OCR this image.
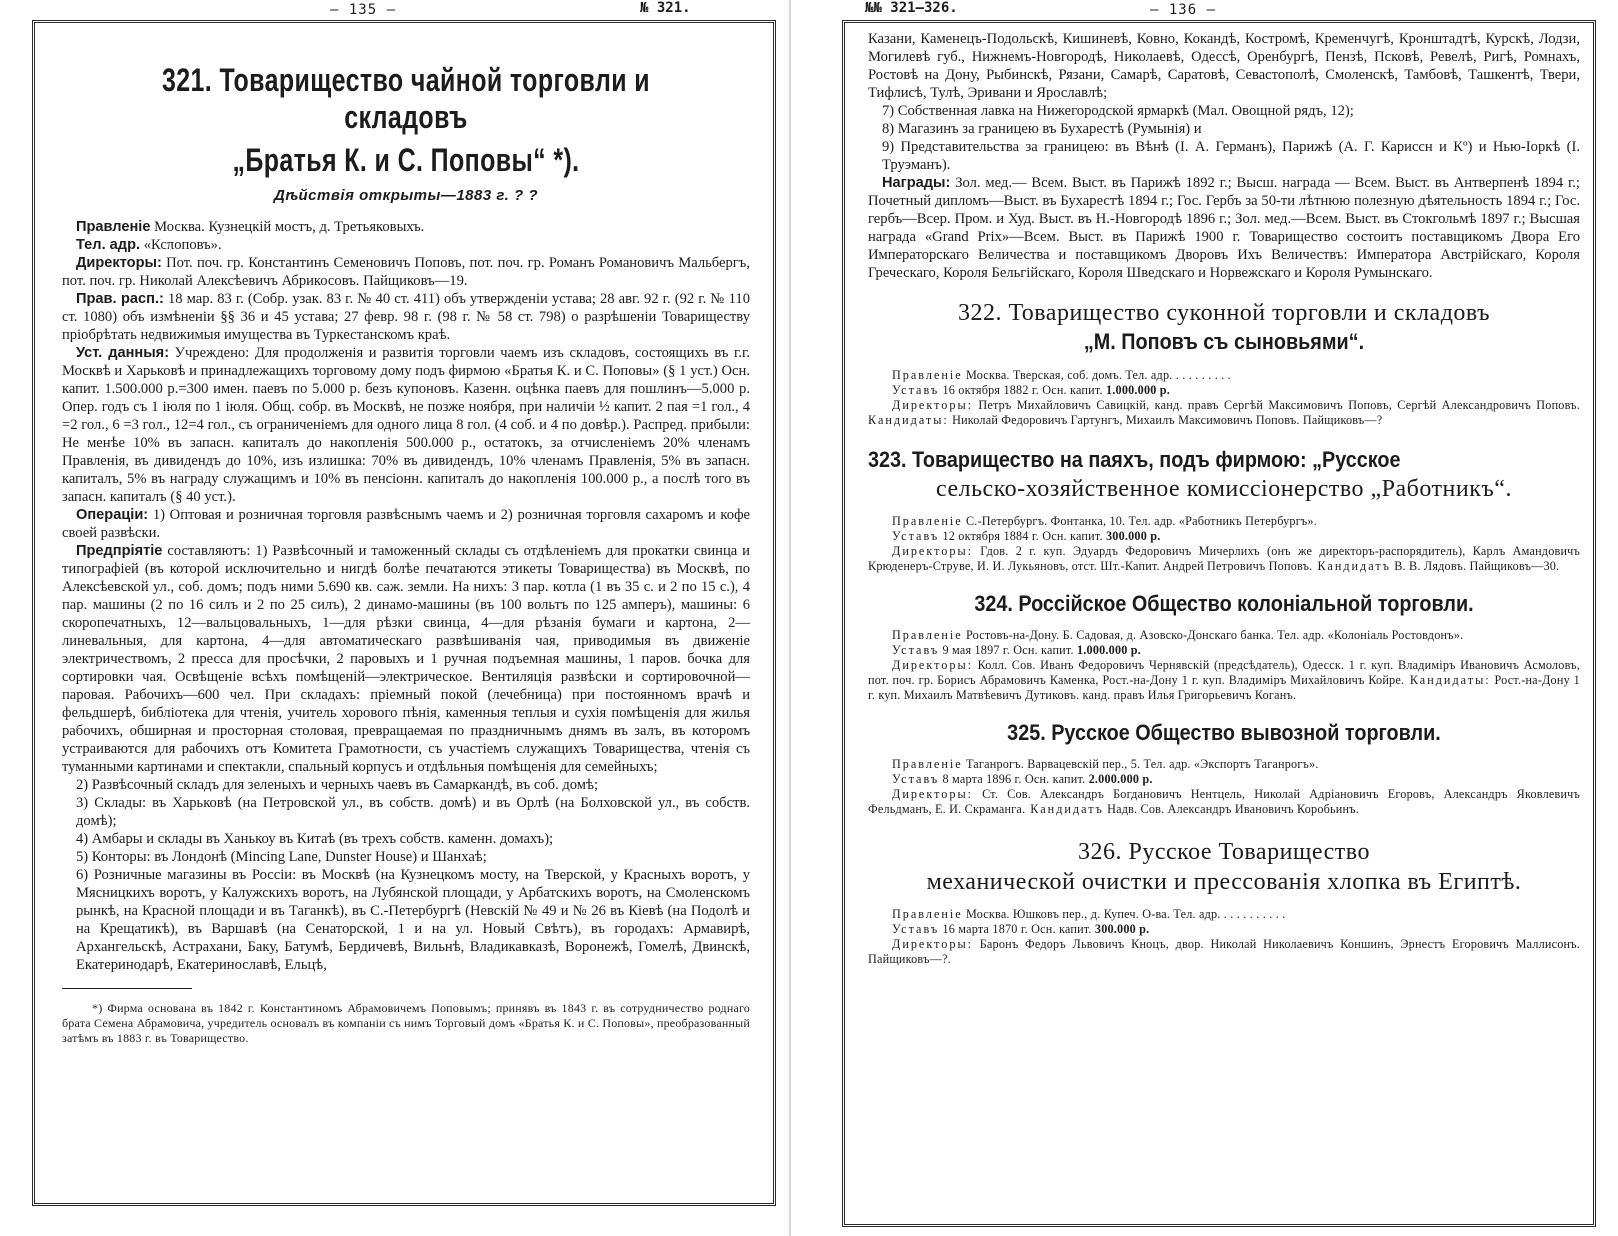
— 135 —	№ 321.
321. Товарищество чайной торговли и складовъ
„Братья К. и С. Поповы“ *).
Дѣйствія открыты—1883 г. ? ?

Правленіе Москва. Кузнецкій мостъ, д. Третьяковыхъ.

Тел. адр. «Ксποповъ».

Директоры: Пот. поч. гр. Константинъ Семеновичъ Поповъ, пот. поч. гр. Романъ Романовичъ Мальбергъ, пот. поч. гр. Николай Алексѣевичъ Абрикосовъ. Пайщиковъ—19.

Прав. расп.: 18 мар. 83 г. (Собр. узак. 83 г. № 40 ст. 411) объ утвержденіи устава; 28 авг. 92 г. (92 г. № 110 ст. 1080) объ измѣненіи §§ 36 и 45 устава; 27 февр. 98 г. (98 г. № 58 ст. 798) о разрѣшеніи Товариществу пріобрѣтать недвижимыя имущества въ Туркестанскомъ краѣ.

Уст. данныя: Учреждено: Для продолженія и развитія торговли чаемъ изъ складовъ, состоящихъ въ г.г. Москвѣ и Харьковѣ и принадлежащихъ торговому дому подъ фирмою «Братья К. и С. Поповы» (§ 1 уст.) Осн. капит. 1.500.000 р.=300 имен. паевъ по 5.000 р. безъ купоновъ. Казенн. оцѣнка паевъ для пошлинъ—5.000 р. Опер. годъ съ 1 іюля по 1 іюля. Общ. собр. въ Москвѣ, не позже ноября, при наличіи ½ капит. 2 пая =1 гол., 4 =2 гол., 6 =3 гол., 12=4 гол., съ ограниченіемъ для одного лица 8 гол. (4 соб. и 4 по довѣр.). Распред. прибыли: Не менѣе 10% въ запасн. капиталъ до накопленія 500.000 р., остатокъ, за отчисленіемъ 20% членамъ Правленія, въ дивидендъ до 10%, изъ излишка: 70% въ дивидендъ, 10% членамъ Правленія, 5% въ запасн. капиталъ, 5% въ награду служащимъ и 10% въ пенсіонн. капиталъ до накопленія 100.000 р., а послѣ того въ запасн. капиталъ (§ 40 уст.).

Операціи: 1) Оптовая и розничная торговля развѣснымъ чаемъ и 2) розничная торговля сахаромъ и кофе своей развѣски.

Предпріятіе составляютъ: 1) Развѣсочный и таможенный склады съ отдѣленіемъ для прокатки свинца и типографіей (въ которой исключительно и нигдѣ болѣе печатаются этикеты Товарищества) въ Москвѣ, по Алексѣевской ул., соб. домъ; подъ ними 5.690 кв. саж. земли. На нихъ: 3 пар. котла (1 въ 35 с. и 2 по 15 с.), 4 пар. машины (2 по 16 силъ и 2 по 25 силъ), 2 динамо-машины (въ 100 вольтъ по 125 амперъ), машины: 6 скоропечатныхъ, 12—вальцовальныхъ, 1—для рѣзки свинца, 4—для рѣзанія бумаги и картона, 2—линевальныя, для картона, 4—для автоматическаго развѣшиванія чая, приводимыя въ движеніе электричествомъ, 2 пресса для просѣчки, 2 паровыхъ и 1 ручная подъемная машины, 1 паров. бочка для сортировки чая. Освѣщеніе всѣхъ помѣщеній—электрическое. Вентиляція развѣски и сортировочной—паровая. Рабочихъ—600 чел. При складахъ: пріемный покой (лечебница) при постоянномъ врачѣ и фельдшерѣ, библіотека для чтенія, учитель хорового пѣнія, каменныя теплыя и сухія помѣщенія для жилья рабочихъ, обширная и просторная столовая, превращаемая по праздничнымъ днямъ въ залъ, въ которомъ устраиваются для рабочихъ отъ Комитета Грамотности, съ участіемъ служащихъ Товарищества, чтенія съ туманными картинами и спектакли, спальный корпусъ и отдѣльныя помѣщенія для семейныхъ;

2) Развѣсочный складъ для зеленыхъ и черныхъ чаевъ въ Самаркандѣ, въ соб. домѣ;

3) Склады: въ Харьковѣ (на Петровской ул., въ собств. домѣ) и въ Орлѣ (на Болховской ул., въ собств. домѣ);

4) Амбары и склады въ Ханькоу въ Китаѣ (въ трехъ собств. каменн. домахъ);

5) Конторы: въ Лондонѣ (Mincing Lane, Dunster House) и Шанхаѣ;

6) Розничные магазины въ Россіи: въ Москвѣ (на Кузнецкомъ мосту, на Тверской, у Красныхъ воротъ, у Мясницкихъ воротъ, у Калужскихъ воротъ, на Лубянской площади, у Арбатскихъ воротъ, на Смоленскомъ рынкѣ, на Красной площади и въ Таганкѣ), въ С.-Петербургѣ (Невскій № 49 и № 26 въ Кіевѣ (на Подолѣ и на Крещатикѣ), въ Варшавѣ (на Сенаторской, 1 и на ул. Новый Свѣтъ), въ городахъ: Армавирѣ, Архангельскѣ, Астрахани, Баку, Батумѣ, Бердичевѣ, Вильнѣ, Владикавказѣ, Воронежѣ, Гомелѣ, Двинскѣ, Екатеринодарѣ, Екатеринославѣ, Ельцѣ,

*) Фирма основана въ 1842 г. Константиномъ Абрамовичемъ Поповымъ; принявъ въ 1843 г. въ сотрудничество роднаго брата Семена Абрамовича, учредитель основалъ въ компаніи съ нимъ Торговый домъ «Братья К. и С. Поповы», преобразованный затѣмъ въ 1883 г. въ Товарищество.

№№ 321—326.	— 136 —

Казани, Каменецъ-Подольскѣ, Кишиневѣ, Ковно, Кокандѣ, Костромѣ, Кременчугѣ, Кронштадтѣ, Курскѣ, Лодзи, Могилевѣ губ., Нижнемъ-Новгородѣ, Николаевѣ, Одессѣ, Оренбургѣ, Пензѣ, Псковѣ, Ревелѣ, Ригѣ, Ромнахъ, Ростовѣ на Дону, Рыбинскѣ, Рязани, Самарѣ, Саратовѣ, Севастополѣ, Смоленскѣ, Тамбовѣ, Ташкентѣ, Твери, Тифлисѣ, Тулѣ, Эривани и Ярославлѣ;

7) Собственная лавка на Нижегородской ярмаркѣ (Мал. Овощной рядъ, 12);

8) Магазинъ за границею въ Бухарестѣ (Румынія) и

9) Представительства за границею: въ Вѣнѣ (І. А. Германъ), Парижѣ (А. Г. Кариссн и Кº) и Нью-Іоркѣ (І. Труэманъ).

Награды: Зол. мед.— Всем. Выст. въ Парижѣ 1892 г.; Высш. награда — Всем. Выст. въ Антверпенѣ 1894 г.; Почетный дипломъ—Выст. въ Бухарестѣ 1894 г.; Гос. Гербъ за 50-ти лѣтнюю полезную дѣятельность 1894 г.; Гос. гербъ—Всер. Пром. и Худ. Выст. въ Н.-Новгородѣ 1896 г.; Зол. мед.—Всем. Выст. въ Стокгольмѣ 1897 г.; Высшая награда «Grand Prix»—Всем. Выст. въ Парижѣ 1900 г. Товарищество состоитъ поставщикомъ Двора Его Императорскаго Величества и поставщикомъ Дворовъ Ихъ Величествъ: Императора Австрійскаго, Короля Греческаго, Короля Бельгійскаго, Короля Шведскаго и Норвежскаго и Короля Румынскаго.

322. Товарищество суконной торговли и складовъ
„М. Поповъ съ сыновьями“.

Правленіе Москва. Тверская, соб. домъ. Тел. адр. . . . . . . . . .

Уставъ 16 октября 1882 г. Осн. капит. 1.000.000 р.

Директоры: Петръ Михайловичъ Савицкій, канд. правъ Сергѣй Максимовичъ Поповъ, Сергѣй Александровичъ Поповъ. Кандидаты: Николай Федоровичъ Гартунгъ, Михаилъ Максимовичъ Поповъ. Пайщиковъ—?

323. Товарищество на паяхъ, подъ фирмою: „Русское
сельско-хозяйственное комиссіонерство „Работникъ“.

Правленіе С.-Петербургъ. Фонтанка, 10. Тел. адр. «Работникъ Петербургъ».

Уставъ 12 октября 1884 г. Осн. капит. 300.000 р.

Директоры: Гдов. 2 г. куп. Эдуардъ Федоровичъ Мичерлихъ (онъ же директоръ-распорядитель), Карлъ Амандовичъ Крюденеръ-Струве, И. И. Лукьяновъ, отст. Шт.-Капит. Андрей Петровичъ Поповъ. Кандидатъ В. В. Лядовъ. Пайщиковъ—30.

324. Россійское Общество колоніальной торговли.

Правленіе Ростовъ-на-Дону. Б. Садовая, д. Азовско-Донскаго банка. Тел. адр. «Колоніаль Ростовдонъ».

Уставъ 9 мая 1897 г. Осн. капит. 1.000.000 р.

Директоры: Колл. Сов. Иванъ Федоровичъ Чернявскій (предсѣдатель), Одесск. 1 г. куп. Владиміръ Ивановичъ Асмоловъ, пот. поч. гр. Борисъ Абрамовичъ Каменка, Рост.-на-Дону 1 г. куп. Владиміръ Михайловичъ Койре. Кандидаты: Рост.-на-Дону 1 г. куп. Михаилъ Матвѣевичъ Дутиковъ. канд. правъ Илья Григорьевичъ Коганъ.

325. Русское Общество вывозной торговли.

Правленіе Таганрогъ. Варвацевскій пер., 5. Тел. адр. «Экспортъ Таганрогъ».

Уставъ 8 марта 1896 г. Осн. капит. 2.000.000 р.

Директоры: Ст. Сов. Александръ Богдановичъ Нентцель, Николай Адріановичъ Егоровъ, Александръ Яковлевичъ Фельдманъ, Е. И. Скраманга. Кандидатъ Надв. Сов. Александръ Ивановичъ Коробьинъ.

326. Русское Товарищество
механической очистки и прессованія хлопка въ Египтѣ.

Правленіе Москва. Юшковъ пер., д. Купеч. О-ва. Тел. адр. . . . . . . . . . .

Уставъ 16 марта 1870 г. Осн. капит. 300.000 р.

Директоры: Баронъ Федоръ Львовичъ Кноцъ, двор. Николай Николаевичъ Коншинъ, Эрнестъ Егоровичъ Маллисонъ. Пайщиковъ—?.
